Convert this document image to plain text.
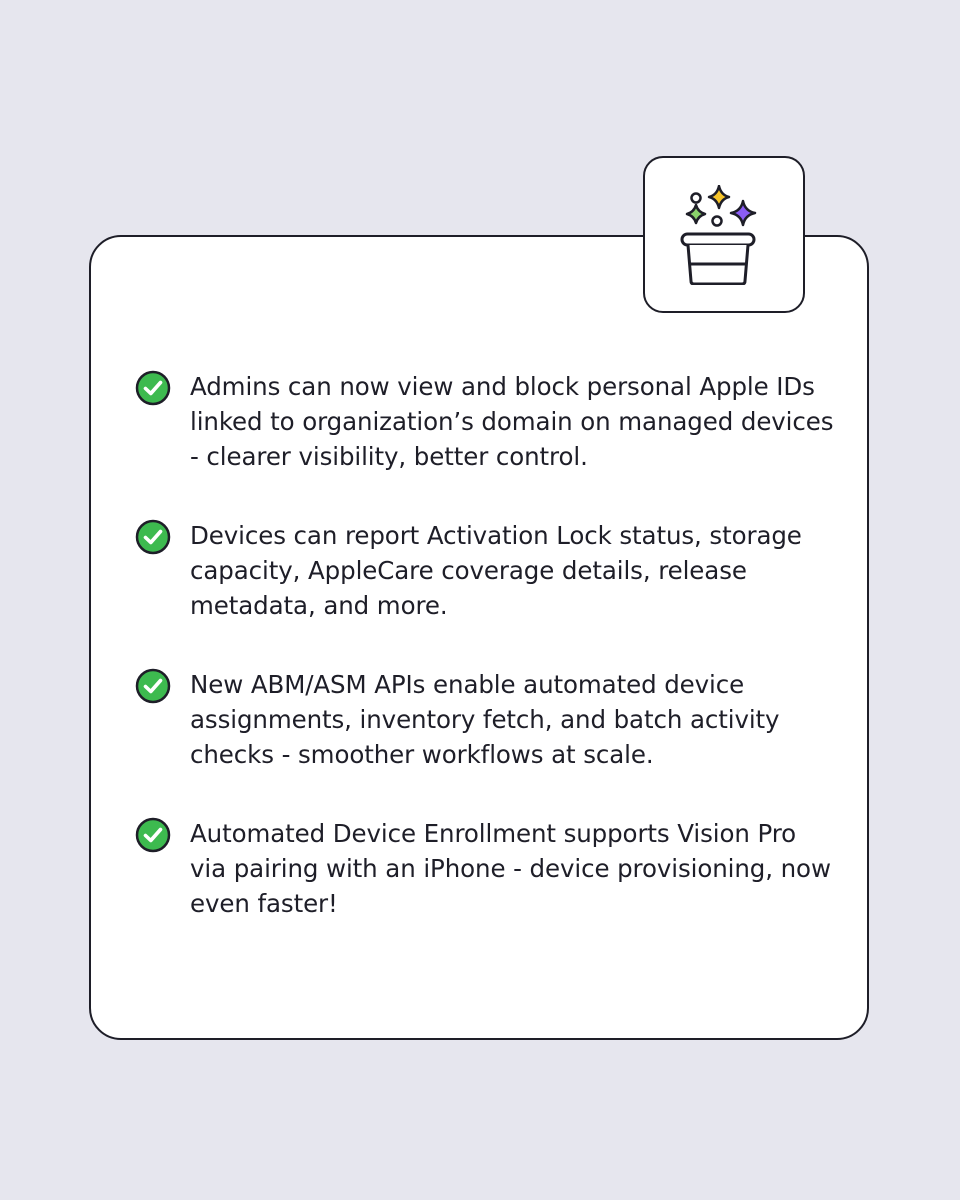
Admins can now view and block personal Apple IDs linked to organization’s domain on managed devices - clearer visibility, better control.
Devices can report Activation Lock status, storage capacity, AppleCare coverage details, release metadata, and more.
New ABM/ASM APIs enable automated device assignments, inventory fetch, and batch activity checks - smoother workflows at scale.
Automated Device Enrollment supports Vision Pro via pairing with an iPhone - device provisioning, now even faster!
